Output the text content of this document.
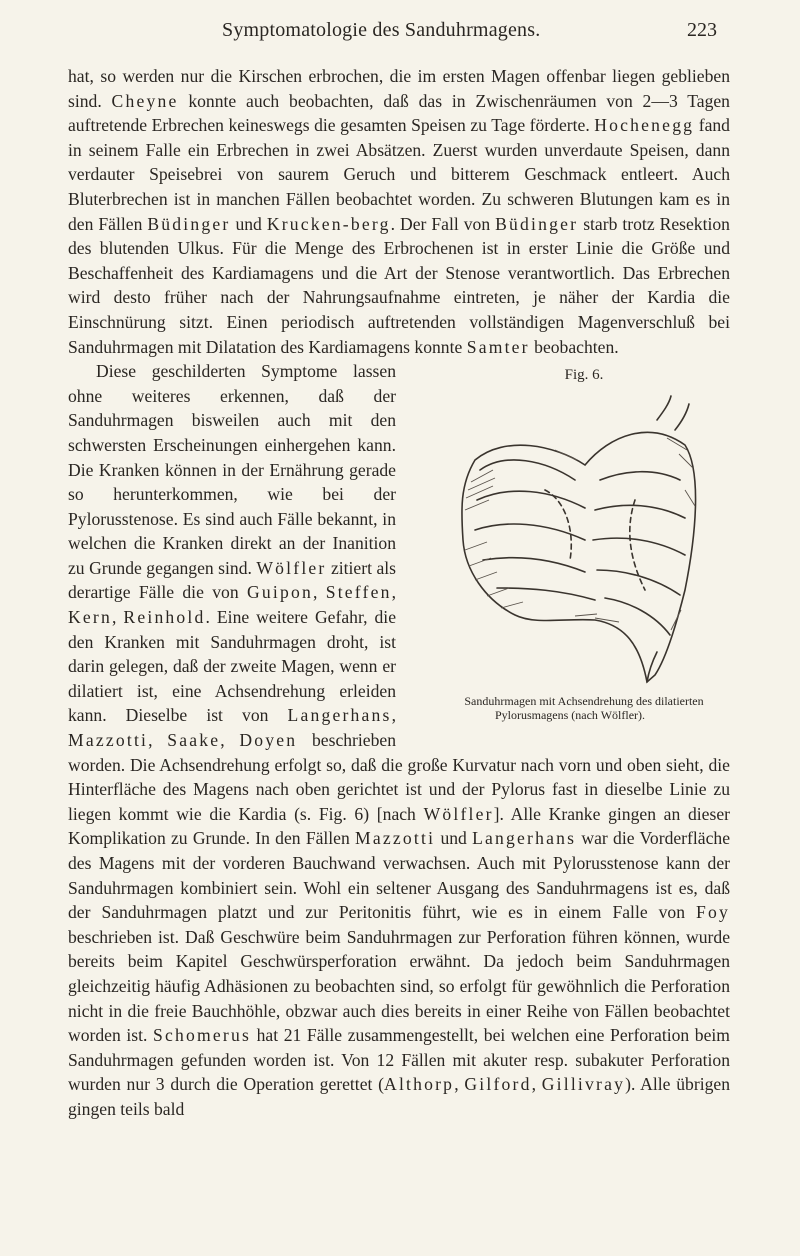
Symptomatologie des Sanduhrmagens.	223

hat, so werden nur die Kirschen erbrochen, die im ersten Magen offenbar liegen geblieben sind. Cheyne konnte auch beobachten, daß das in Zwischenräumen von 2—3 Tagen auftretende Erbrechen keineswegs die gesamten Speisen zu Tage förderte. Hochenegg fand in seinem Falle ein Erbrechen in zwei Absätzen. Zuerst wurden unverdaute Speisen, dann verdauter Speisebrei von saurem Geruch und bitterem Geschmack entleert. Auch Bluterbrechen ist in manchen Fällen beobachtet worden. Zu schweren Blutungen kam es in den Fällen Büdinger und Krucken-berg. Der Fall von Büdinger starb trotz Resektion des blutenden Ulkus. Für die Menge des Erbrochenen ist in erster Linie die Größe und Beschaffenheit des Kardiamagens und die Art der Stenose verantwortlich. Das Erbrechen wird desto früher nach der Nahrungsaufnahme eintreten, je näher der Kardia die Einschnürung sitzt. Einen periodisch auftretenden vollständigen Magenverschluß bei Sanduhrmagen mit Dilatation des Kardiamagens konnte Samter beobachten.

Fig. 6.
Sanduhrmagen mit Achsendrehung des dilatierten Pylorusmagens (nach Wölfler).
Diese geschilderten Symptome lassen ohne weiteres erkennen, daß der Sanduhrmagen bisweilen auch mit den schwersten Erscheinungen einhergehen kann. Die Kranken können in der Ernährung gerade so herunterkommen, wie bei der Pylorusstenose. Es sind auch Fälle bekannt, in welchen die Kranken direkt an der Inanition zu Grunde gegangen sind. Wölfler zitiert als derartige Fälle die von Guipon, Steffen, Kern, Reinhold. Eine weitere Gefahr, die den Kranken mit Sanduhrmagen droht, ist darin gelegen, daß der zweite Magen, wenn er dilatiert ist, eine Achsendrehung erleiden kann. Dieselbe ist von Langerhans, Mazzotti, Saake, Doyen beschrieben worden. Die Achsendrehung erfolgt so, daß die große Kurvatur nach vorn und oben sieht, die Hinterfläche des Magens nach oben gerichtet ist und der Pylorus fast in dieselbe Linie zu liegen kommt wie die Kardia (s. Fig. 6) [nach Wölfler]. Alle Kranke gingen an dieser Komplikation zu Grunde. In den Fällen Mazzotti und Langerhans war die Vorderfläche des Magens mit der vorderen Bauchwand verwachsen. Auch mit Pylorusstenose kann der Sanduhrmagen kombiniert sein. Wohl ein seltener Ausgang des Sanduhrmagens ist es, daß der Sanduhrmagen platzt und zur Peritonitis führt, wie es in einem Falle von Foy beschrieben ist. Daß Geschwüre beim Sanduhrmagen zur Perforation führen können, wurde bereits beim Kapitel Geschwürsperforation erwähnt. Da jedoch beim Sanduhrmagen gleichzeitig häufig Adhäsionen zu beobachten sind, so erfolgt für gewöhnlich die Perforation nicht in die freie Bauchhöhle, obzwar auch dies bereits in einer Reihe von Fällen beobachtet worden ist. Schomerus hat 21 Fälle zusammengestellt, bei welchen eine Perforation beim Sanduhrmagen gefunden worden ist. Von 12 Fällen mit akuter resp. subakuter Perforation wurden nur 3 durch die Operation gerettet (Althorp, Gilford, Gillivray). Alle übrigen gingen teils bald
